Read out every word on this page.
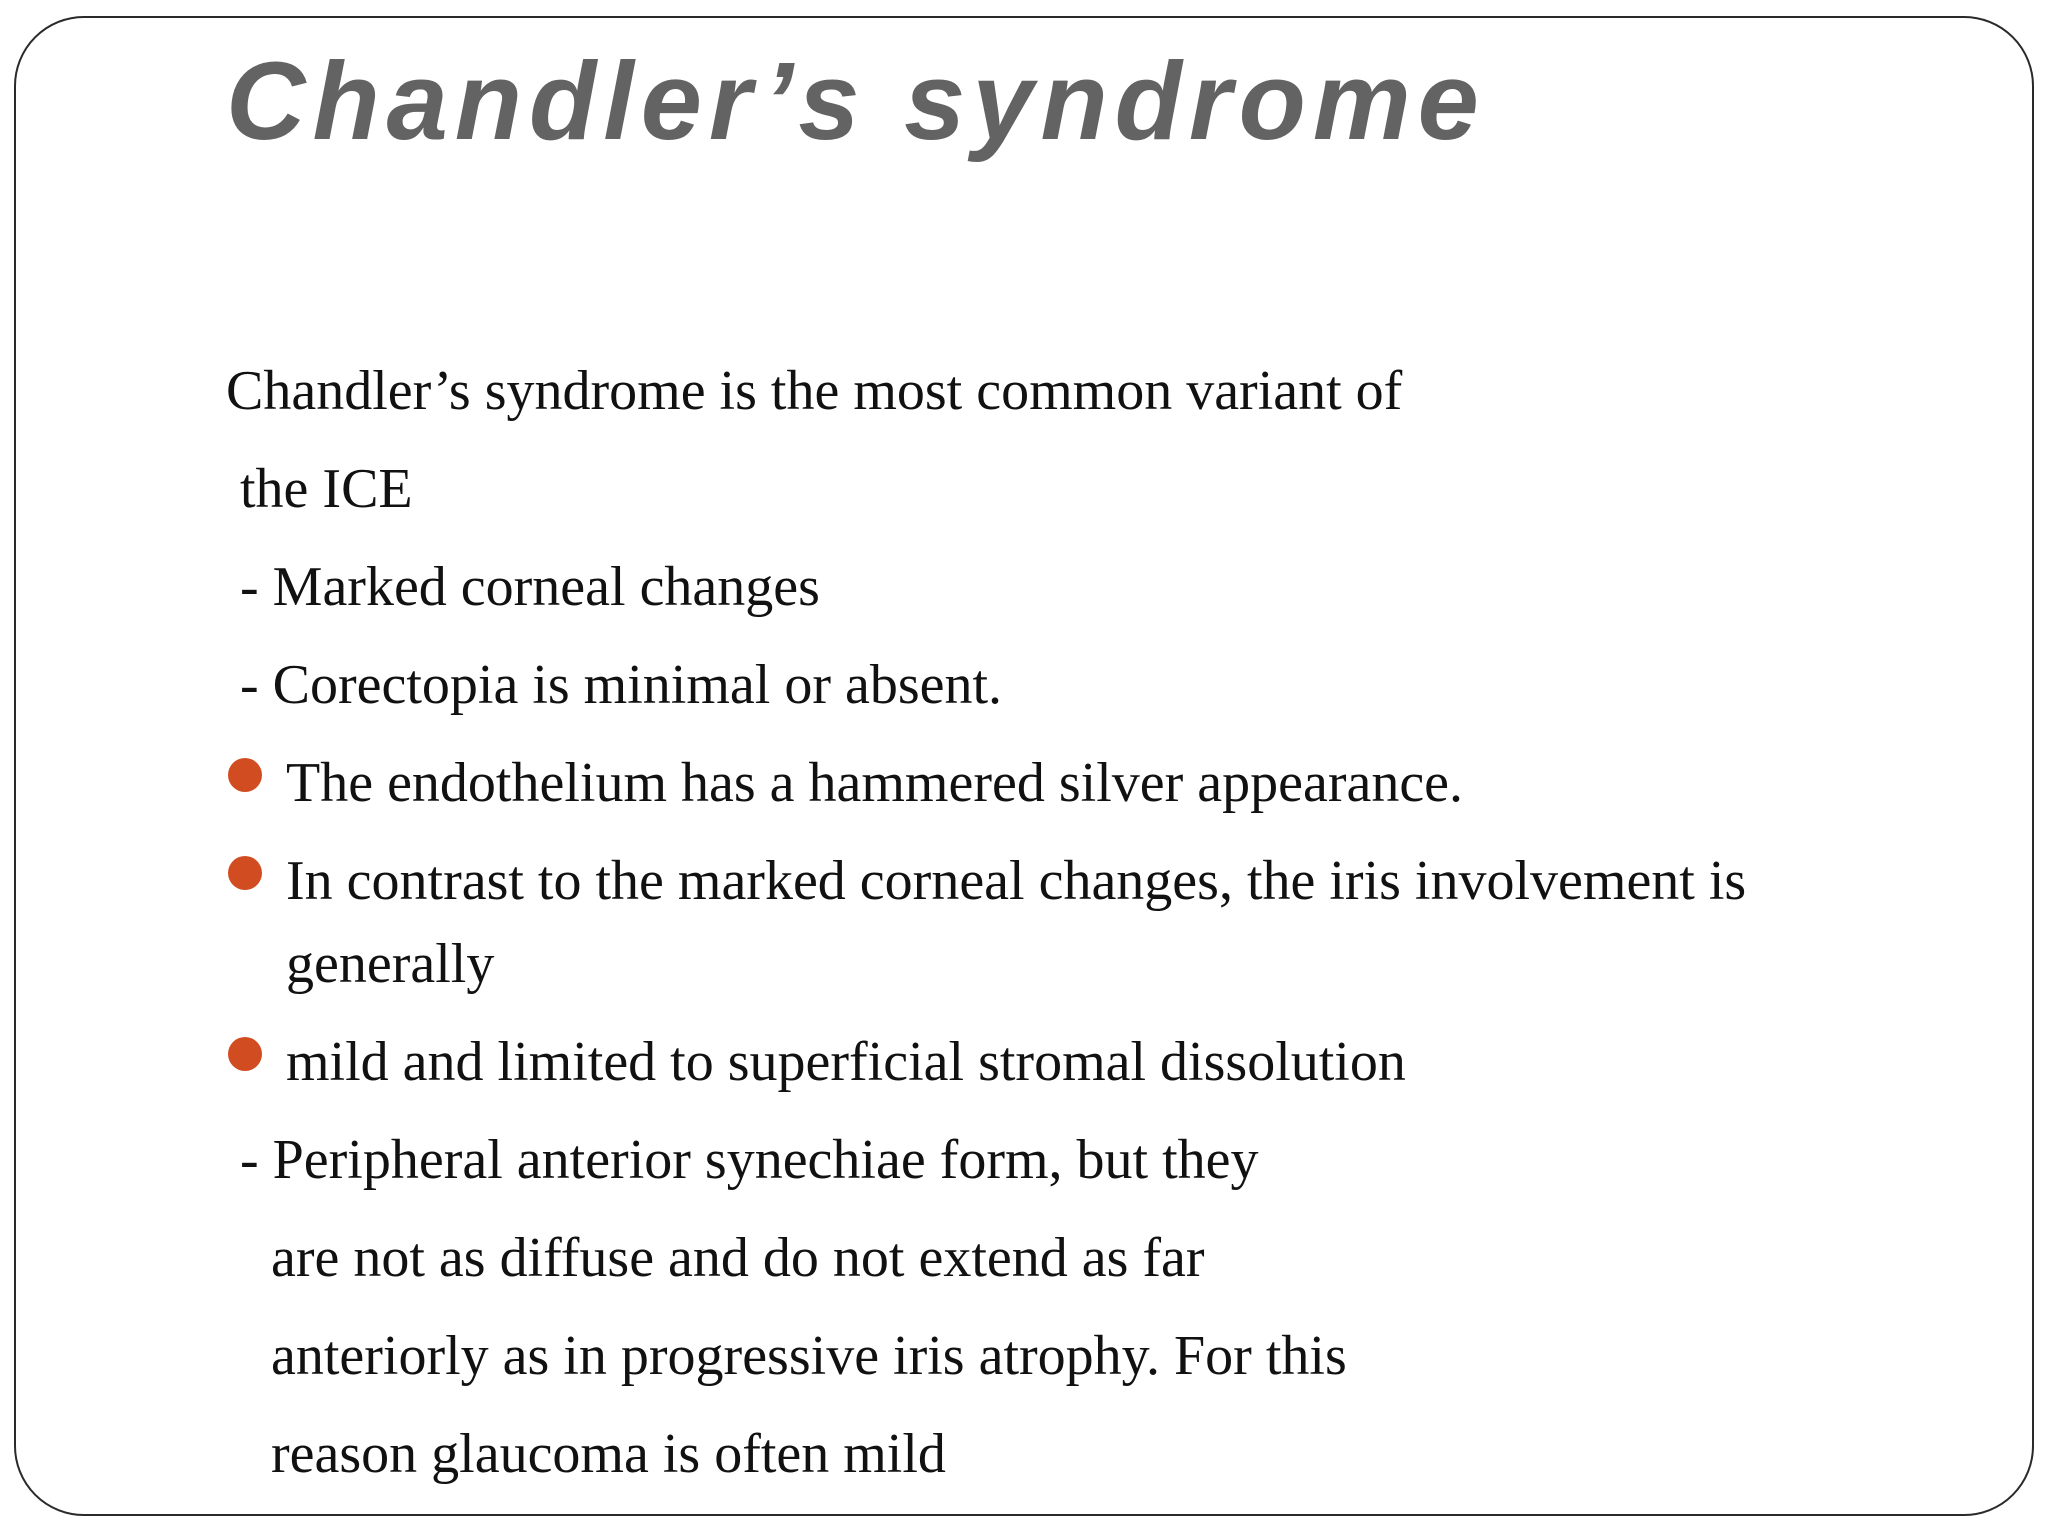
Chandler’s syndrome
Chandler’s syndrome is the most common variant of
the ICE
- Marked corneal changes
- Corectopia is minimal or absent.
The endothelium has a hammered silver appearance.
In contrast to the marked corneal changes, the iris involvement is
generally
mild and limited to superficial stromal dissolution
- Peripheral anterior synechiae form, but they
are not as diffuse and do not extend as far
anteriorly as in progressive iris atrophy. For this
reason glaucoma is often mild
